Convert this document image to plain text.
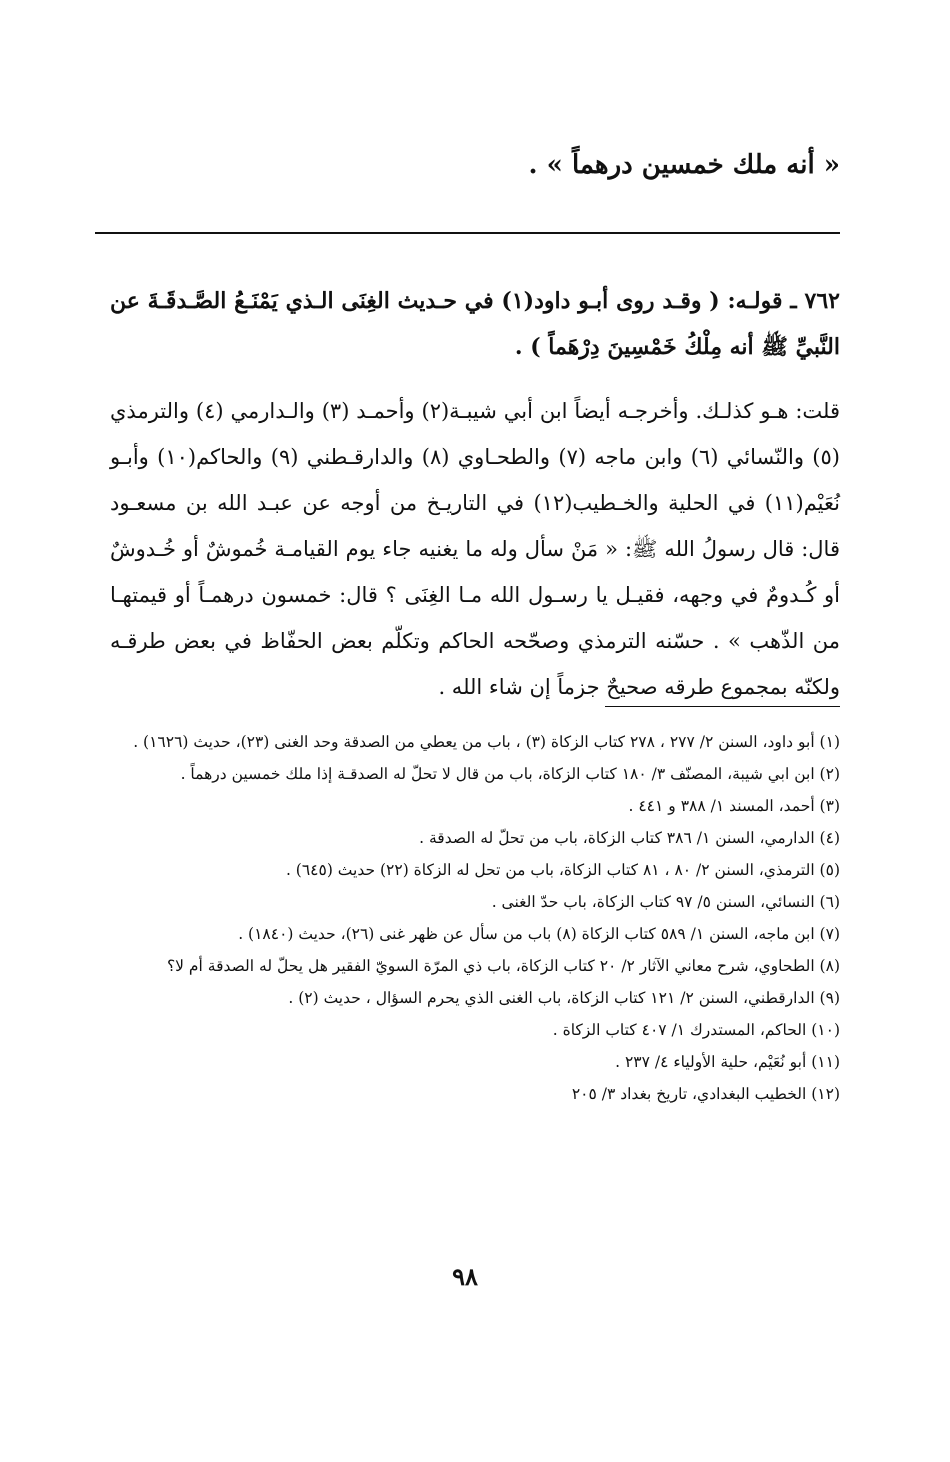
« أنه ملك خمسين درهماً » .
٧٦٢ ـ قولـه: ( وقـد روى أبـو داود(١) في حـديث الغِنَى الـذي يَمْنَـعُ الصَّـدقَـةَ عن النَّبيِّ ﷺ أنه مِلْكُ خَمْسِينَ دِرْهَماً ) .
قلت: هـو كذلـك. وأخرجـه أيضاً ابن أبي شيبـة(٢) وأحمـد (٣) والـدارمي (٤) والترمذي (٥) والنّسائي (٦) وابن ماجه (٧) والطحـاوي (٨) والدارقـطني (٩) والحاكم(١٠) وأبـو نُعَيْم(١١) في الحلية والخـطيب(١٢) في التاريـخ من أوجه عن عبـد الله بن مسعـود قال: قال رسولُ الله ﷺ: « مَنْ سأل وله ما يغنيه جاء يوم القيامـة خُموشٌ أو خُـدوشٌ أو كُـدومٌ في وجهه، فقيـل يا رسـول الله مـا الغِنَى ؟ قال: خمسون درهمـاً أو قيمتهـا من الذّهب » . حسّنه الترمذي وصحّحه الحاكم وتكلّم بعض الحفّاظ في بعض طرقـه ولكنّه بمجموع طرقه صحيحٌ جزماً إن شاء الله .
(١) أبو داود، السنن ٢/ ٢٧٧ ، ٢٧٨ كتاب الزكاة (٣) ، باب من يعطي من الصدقة وحد الغنى (٢٣)، حديث (١٦٢٦) .
(٢) ابن ابي شيبة، المصنّف ٣/ ١٨٠ كتاب الزكاة، باب من قال لا تحلّ له الصدقـة إذا ملك خمسين درهماً .
(٣) أحمد، المسند ١/ ٣٨٨ و ٤٤١ .
(٤) الدارمي، السنن ١/ ٣٨٦ كتاب الزكاة، باب من تحلّ له الصدقة .
(٥) الترمذي، السنن ٢/ ٨٠ ، ٨١ كتاب الزكاة، باب من تحل له الزكاة (٢٢) حديث (٦٤٥) .
(٦) النسائي، السنن ٥/ ٩٧ كتاب الزكاة، باب حدّ الغنى .
(٧) ابن ماجه، السنن ١/ ٥٨٩ كتاب الزكاة (٨) باب من سأل عن ظهر غنى (٢٦)، حديث (١٨٤٠) .
(٨) الطحاوي، شرح معاني الآثار ٢/ ٢٠ كتاب الزكاة، باب ذي المرّة السويّ الفقير هل يحلّ له الصدقة أم لا؟
(٩) الدارقطني، السنن ٢/ ١٢١ كتاب الزكاة، باب الغنى الذي يحرم السؤال ، حديث (٢) .
(١٠) الحاكم، المستدرك ١/ ٤٠٧ كتاب الزكاة .
(١١) أبو نُعَيْم، حلية الأولياء ٤/ ٢٣٧ .
(١٢) الخطيب البغدادي، تاريخ بغداد ٣/ ٢٠٥
٩٨
